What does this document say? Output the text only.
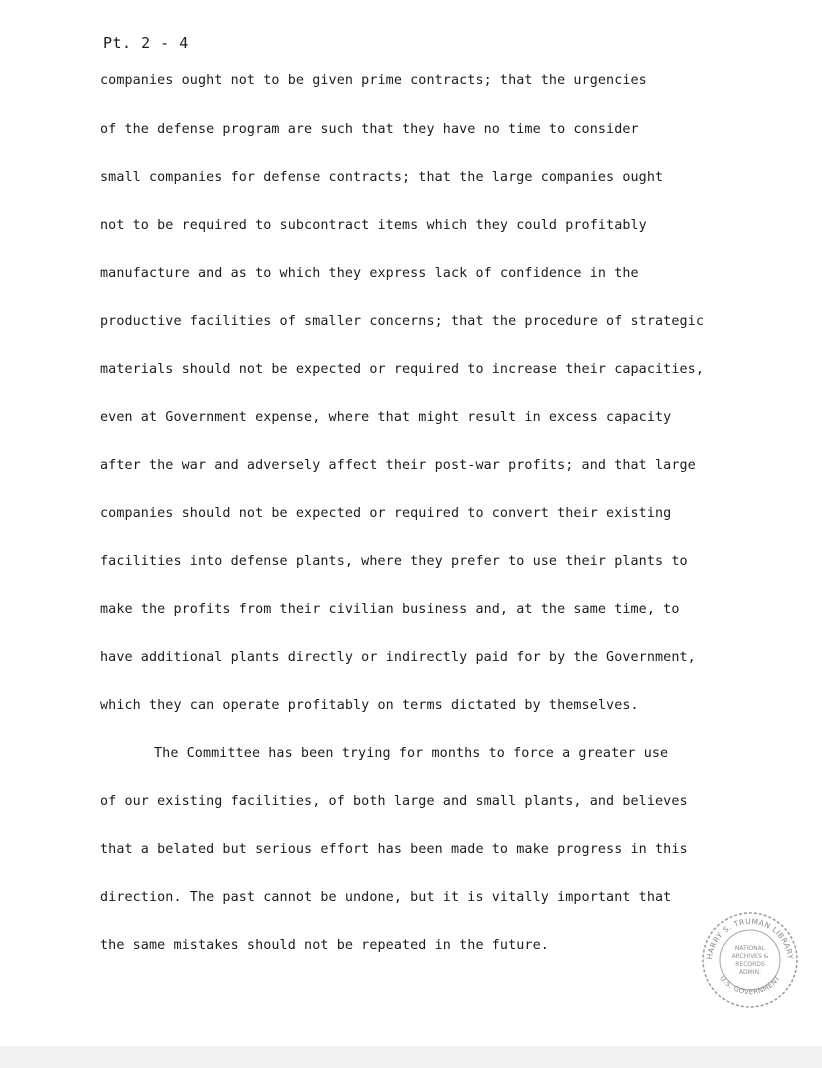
Pt. 2 - 4
companies ought not to be given prime contracts; that the urgencies
of the defense program are such that they have no time to consider
small companies for defense contracts; that the large companies ought
not to be required to subcontract items which they could profitably
manufacture and as to which they express lack of confidence in the
productive facilities of smaller concerns; that the procedure of strategic
materials should not be expected or required to increase their capacities,
even at Government expense, where that might result in excess capacity
after the war and adversely affect their post-war profits; and that large
companies should not be expected or required to convert their existing
facilities into defense plants, where they prefer to use their plants to
make the profits from their civilian business and, at the same time, to
have additional plants directly or indirectly paid for by the Government,
which they can operate profitably on terms dictated by themselves.
The Committee has been trying for months to force a greater use
of our existing facilities, of both large and small plants, and believes
that a belated but serious effort has been made to make progress in this
direction. The past cannot be undone, but it is vitally important that
the same mistakes should not be repeated in the future.
HARRY S. TRUMAN LIBRARY
U.S. GOVERNMENT
NATIONAL
ARCHIVES &
RECORDS
ADMIN.
